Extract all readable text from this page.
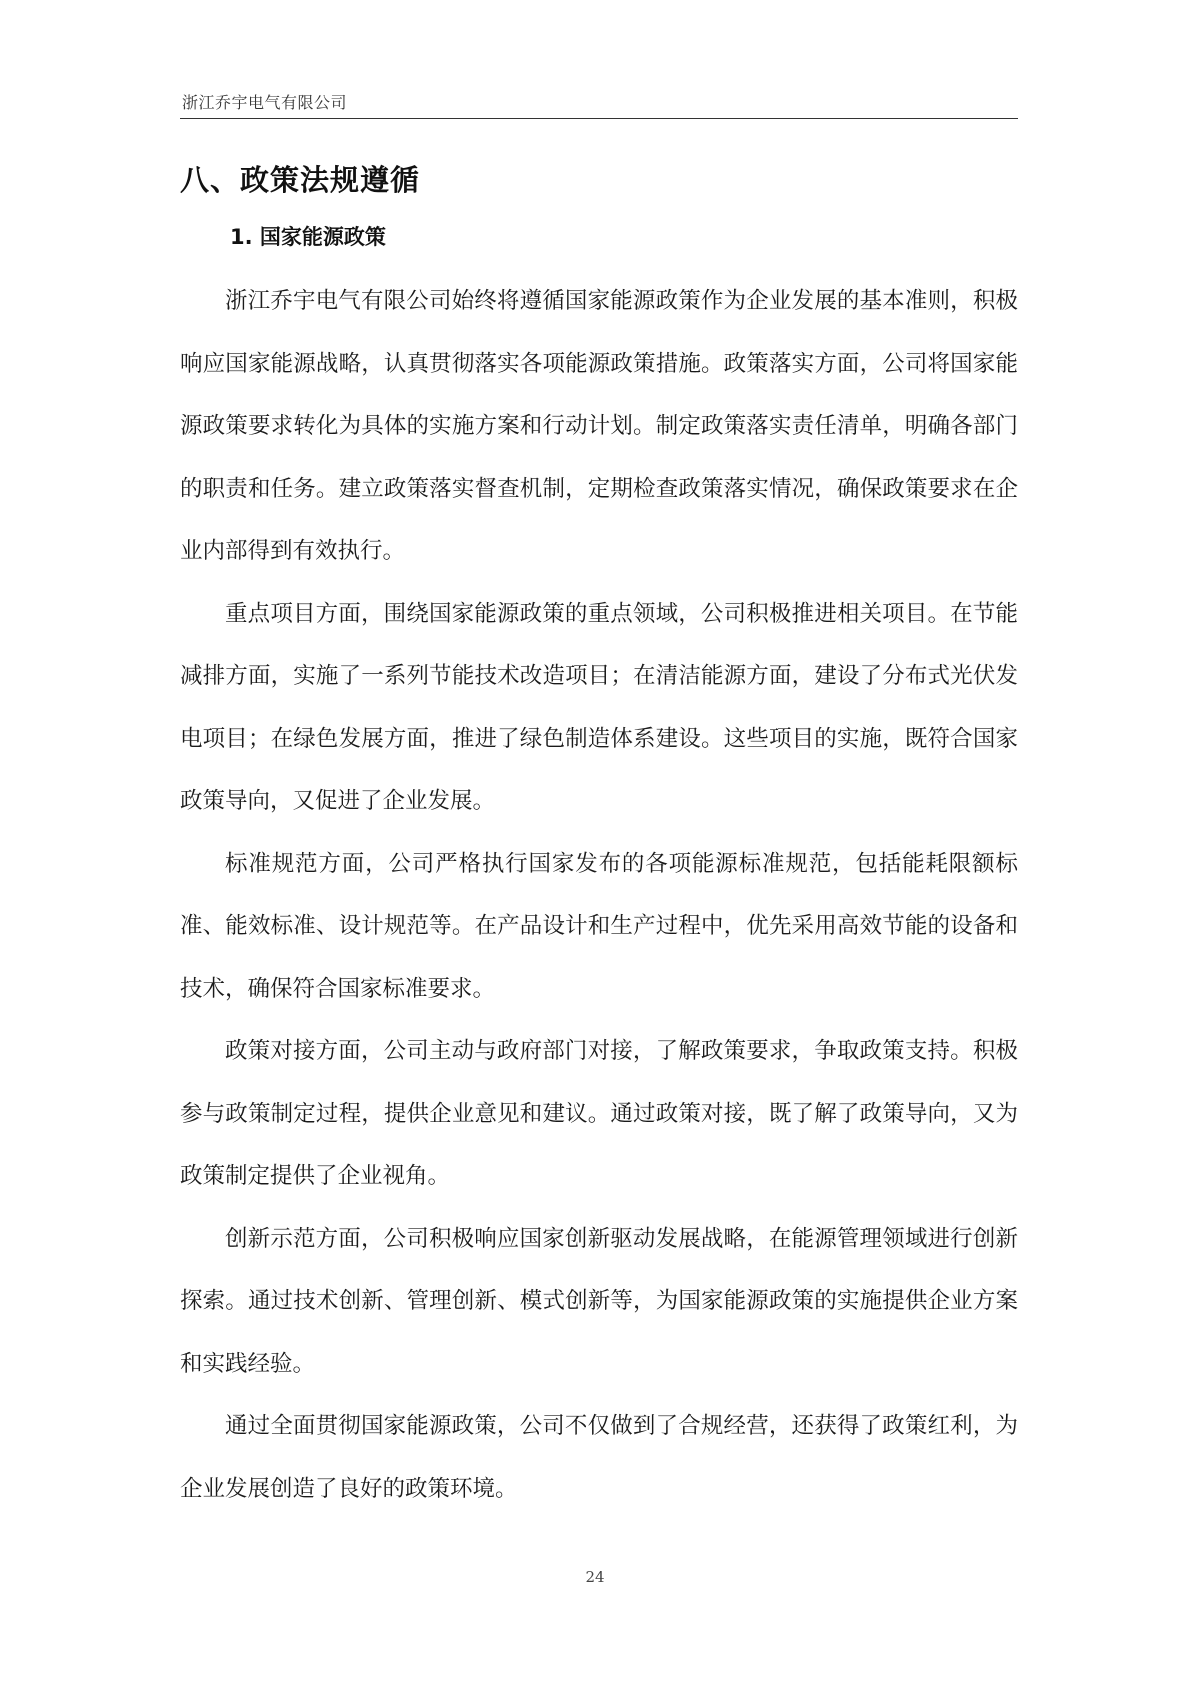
浙江乔宇电气有限公司
八、政策法规遵循
1. 国家能源政策

浙江乔宇电气有限公司始终将遵循国家能源政策作为企业发展的基本准则，积极响应国家能源战略，认真贯彻落实各项能源政策措施。政策落实方面，公司将国家能源政策要求转化为具体的实施方案和行动计划。制定政策落实责任清单，明确各部门的职责和任务。建立政策落实督查机制，定期检查政策落实情况，确保政策要求在企业内部得到有效执行。

重点项目方面，围绕国家能源政策的重点领域，公司积极推进相关项目。在节能减排方面，实施了一系列节能技术改造项目；在清洁能源方面，建设了分布式光伏发电项目；在绿色发展方面，推进了绿色制造体系建设。这些项目的实施，既符合国家政策导向，又促进了企业发展。

标准规范方面，公司严格执行国家发布的各项能源标准规范，包括能耗限额标准、能效标准、设计规范等。在产品设计和生产过程中，优先采用高效节能的设备和技术，确保符合国家标准要求。

政策对接方面，公司主动与政府部门对接，了解政策要求，争取政策支持。积极参与政策制定过程，提供企业意见和建议。通过政策对接，既了解了政策导向，又为政策制定提供了企业视角。

创新示范方面，公司积极响应国家创新驱动发展战略，在能源管理领域进行创新探索。通过技术创新、管理创新、模式创新等，为国家能源政策的实施提供企业方案和实践经验。

通过全面贯彻国家能源政策，公司不仅做到了合规经营，还获得了政策红利，为企业发展创造了良好的政策环境。

24
